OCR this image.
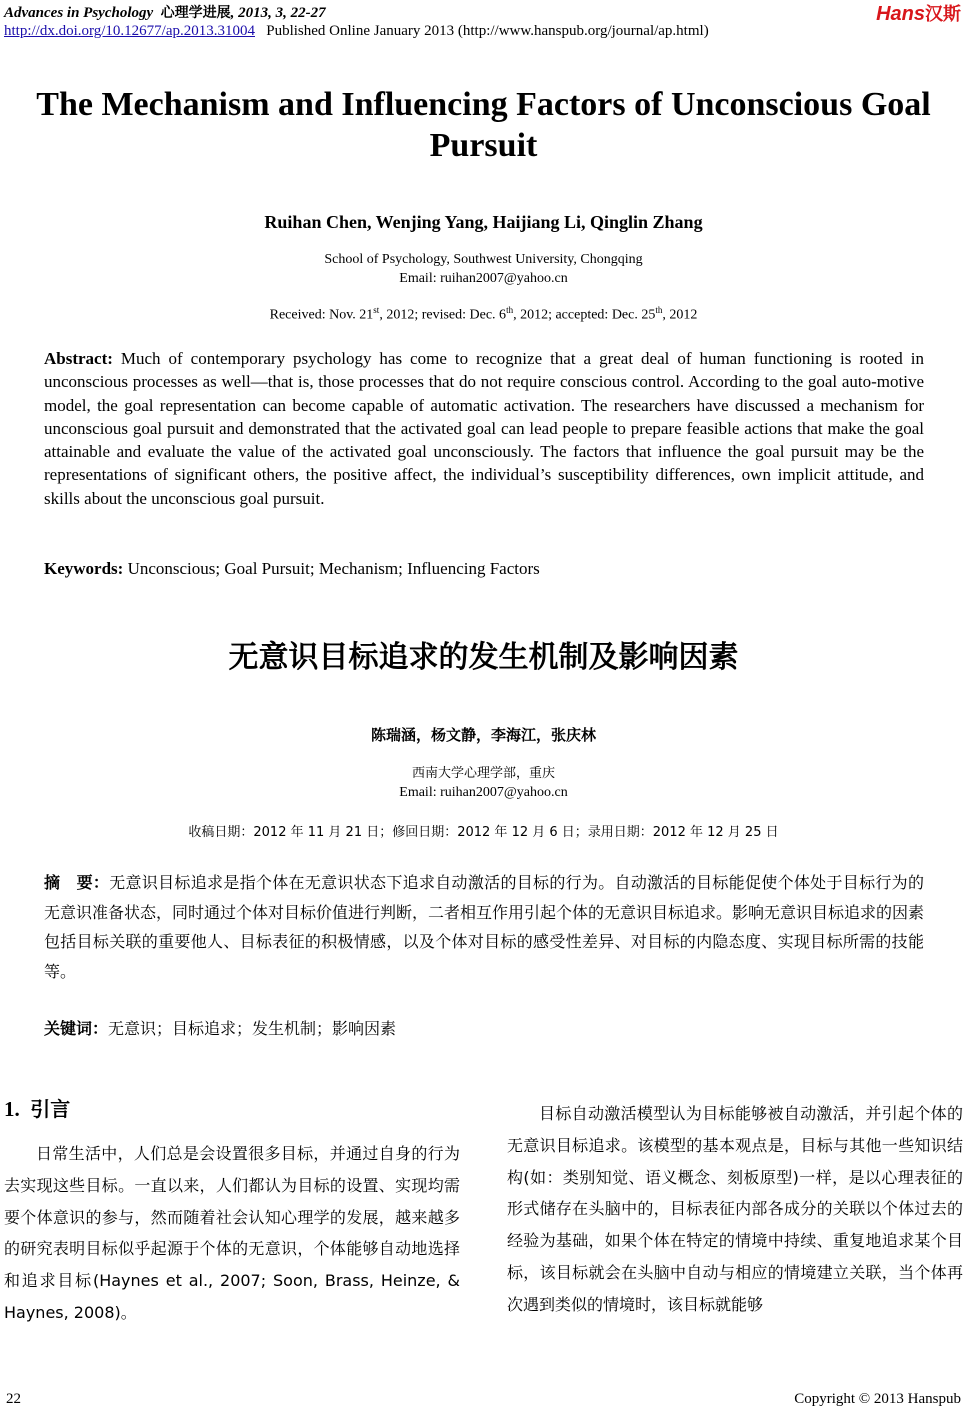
Advances in Psychology 心理学进展, 2013, 3, 22-27	Hans汉斯
http://dx.doi.org/10.12677/ap.2013.31004 Published Online January 2013 (http://www.hanspub.org/journal/ap.html)
The Mechanism and Influencing Factors of Unconscious Goal Pursuit
Ruihan Chen, Wenjing Yang, Haijiang Li, Qinglin Zhang
School of Psychology, Southwest University, Chongqing
Email: ruihan2007@yahoo.cn
Received: Nov. 21st, 2012; revised: Dec. 6th, 2012; accepted: Dec. 25th, 2012
Abstract: Much of contemporary psychology has come to recognize that a great deal of human functioning is rooted in unconscious processes as well—that is, those processes that do not require conscious control. According to the goal auto-motive model, the goal representation can become capable of automatic activation. The researchers have discussed a mechanism for unconscious goal pursuit and demonstrated that the activated goal can lead people to prepare feasible actions that make the goal attainable and evaluate the value of the activated goal unconsciously. The factors that influence the goal pursuit may be the representations of significant others, the positive affect, the individual’s susceptibility differences, own implicit attitude, and skills about the unconscious goal pursuit.
Keywords: Unconscious; Goal Pursuit; Mechanism; Influencing Factors
无意识目标追求的发生机制及影响因素
陈瑞涵，杨文静，李海江，张庆林
西南大学心理学部，重庆
Email: ruihan2007@yahoo.cn
收稿日期：2012 年 11 月 21 日；修回日期：2012 年 12 月 6 日；录用日期：2012 年 12 月 25 日
摘　要：无意识目标追求是指个体在无意识状态下追求自动激活的目标的行为。自动激活的目标能促使个体处于目标行为的无意识准备状态，同时通过个体对目标价值进行判断，二者相互作用引起个体的无意识目标追求。影响无意识目标追求的因素包括目标关联的重要他人、目标表征的积极情感，以及个体对目标的感受性差异、对目标的内隐态度、实现目标所需的技能等。
关键词：无意识；目标追求；发生机制；影响因素
1. 引言
日常生活中，人们总是会设置很多目标，并通过自身的行为去实现这些目标。一直以来，人们都认为目标的设置、实现均需要个体意识的参与，然而随着社会认知心理学的发展，越来越多的研究表明目标似乎起源于个体的无意识，个体能够自动地选择和追求目标(Haynes et al., 2007; Soon, Brass, Heinze, & Haynes, 2008)。
目标自动激活模型认为目标能够被自动激活，并引起个体的无意识目标追求。该模型的基本观点是，目标与其他一些知识结构(如：类别知觉、语义概念、刻板原型)一样，是以心理表征的形式储存在头脑中的，目标表征内部各成分的关联以个体过去的经验为基础，如果个体在特定的情境中持续、重复地追求某个目标，该目标就会在头脑中自动与相应的情境建立关联，当个体再次遇到类似的情境时，该目标就能够
22	Copyright © 2013 Hanspub
